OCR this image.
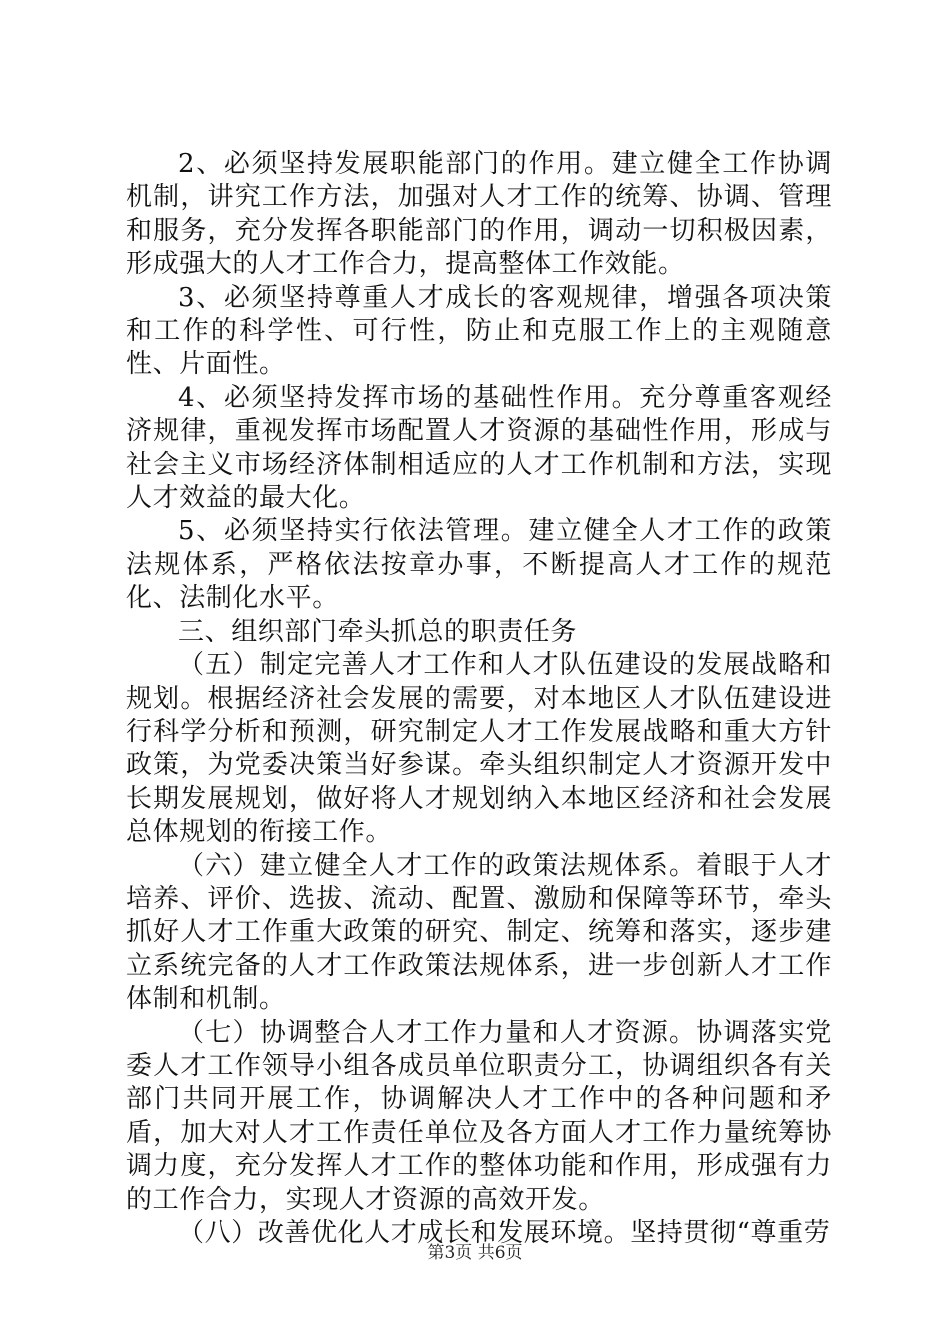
2、必须坚持发展职能部门的作用。建立健全工作协调机制，讲究工作方法，加强对人才工作的统筹、协调、管理和服务，充分发挥各职能部门的作用，调动一切积极因素，形成强大的人才工作合力，提高整体工作效能。

3、必须坚持尊重人才成长的客观规律，增强各项决策和工作的科学性、可行性，防止和克服工作上的主观随意性、片面性。

4、必须坚持发挥市场的基础性作用。充分尊重客观经济规律，重视发挥市场配置人才资源的基础性作用，形成与社会主义市场经济体制相适应的人才工作机制和方法，实现人才效益的最大化。

5、必须坚持实行依法管理。建立健全人才工作的政策法规体系，严格依法按章办事，不断提高人才工作的规范化、法制化水平。

三、组织部门牵头抓总的职责任务

（五）制定完善人才工作和人才队伍建设的发展战略和规划。根据经济社会发展的需要，对本地区人才队伍建设进行科学分析和预测，研究制定人才工作发展战略和重大方针政策，为党委决策当好参谋。牵头组织制定人才资源开发中长期发展规划，做好将人才规划纳入本地区经济和社会发展总体规划的衔接工作。

（六）建立健全人才工作的政策法规体系。着眼于人才培养、评价、选拔、流动、配置、激励和保障等环节，牵头抓好人才工作重大政策的研究、制定、统筹和落实，逐步建立系统完备的人才工作政策法规体系，进一步创新人才工作体制和机制。

（七）协调整合人才工作力量和人才资源。协调落实党委人才工作领导小组各成员单位职责分工，协调组织各有关部门共同开展工作，协调解决人才工作中的各种问题和矛盾，加大对人才工作责任单位及各方面人才工作力量统筹协调力度，充分发挥人才工作的整体功能和作用，形成强有力的工作合力，实现人才资源的高效开发。

（八）改善优化人才成长和发展环境。坚持贯彻“尊重劳

第3页 共6页
